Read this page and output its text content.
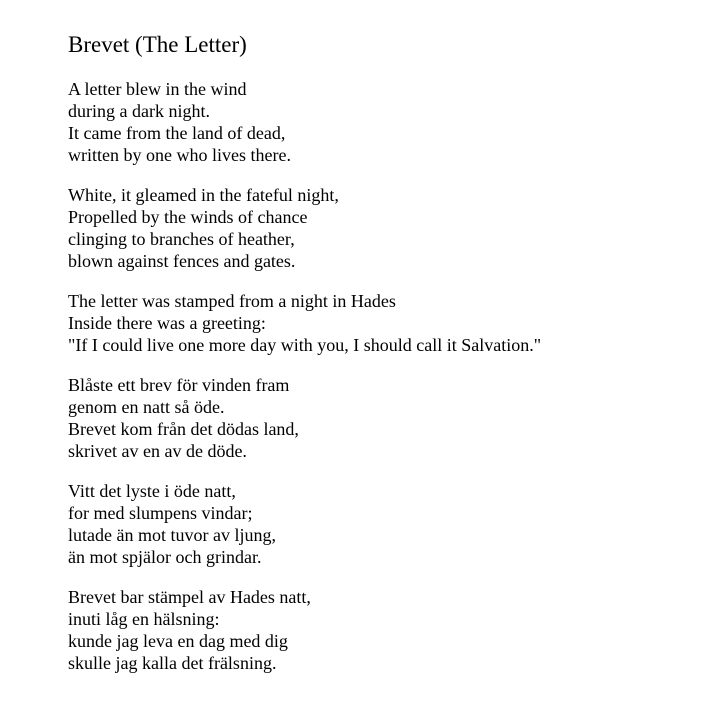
Brevet (The Letter)
A letter blew in the wind
during a dark night.
It came from the land of dead,
written by one who lives there.
White, it gleamed in the fateful night,
Propelled by the winds of chance
clinging to branches of heather,
blown against fences and gates.
The letter was stamped from a night in Hades
Inside there was a greeting:
"If I could live one more day with you, I should call it Salvation."
Blåste ett brev för vinden fram
genom en natt så öde.
Brevet kom från det dödas land,
skrivet av en av de döde.
Vitt det lyste i öde natt,
for med slumpens vindar;
lutade än mot tuvor av ljung,
än mot spjälor och grindar.
Brevet bar stämpel av Hades natt,
inuti låg en hälsning:
kunde jag leva en dag med dig
skulle jag kalla det frälsning.
